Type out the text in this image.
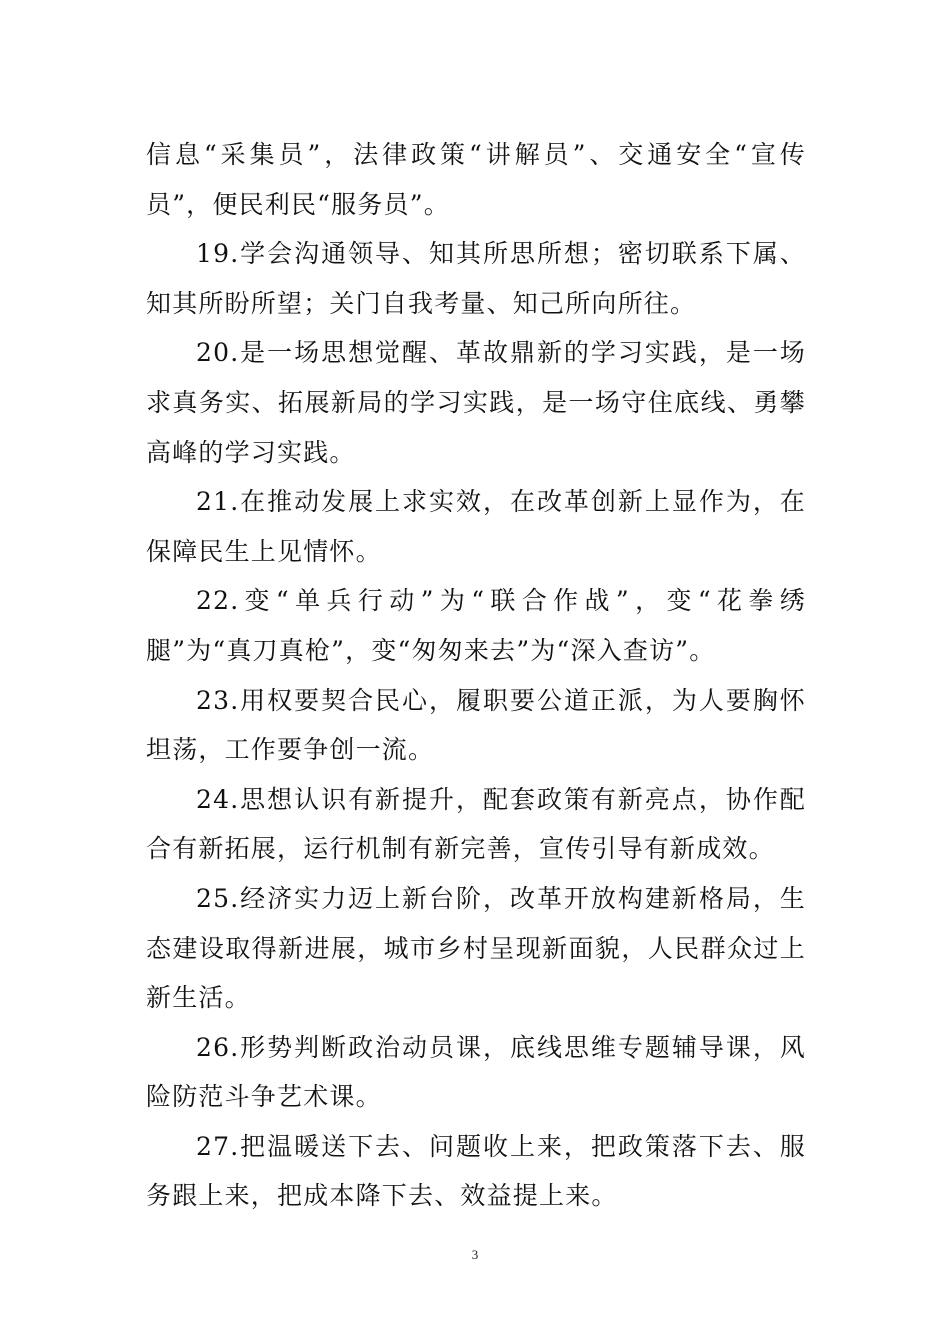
信息“采集员”，法律政策“讲解员”、交通安全“宣传员”，便民利民“服务员”。

19.学会沟通领导、知其所思所想；密切联系下属、知其所盼所望；关门自我考量、知己所向所往。

20.是一场思想觉醒、革故鼎新的学习实践，是一场求真务实、拓展新局的学习实践，是一场守住底线、勇攀高峰的学习实践。

21.在推动发展上求实效，在改革创新上显作为，在保障民生上见情怀。

22.变“单兵行动”为“联合作战”，变“花拳绣腿”为“真刀真枪”，变“匆匆来去”为“深入查访”。

23.用权要契合民心，履职要公道正派，为人要胸怀坦荡，工作要争创一流。

24.思想认识有新提升，配套政策有新亮点，协作配合有新拓展，运行机制有新完善，宣传引导有新成效。

25.经济实力迈上新台阶，改革开放构建新格局，生态建设取得新进展，城市乡村呈现新面貌，人民群众过上新生活。

26.形势判断政治动员课，底线思维专题辅导课，风险防范斗争艺术课。

27.把温暖送下去、问题收上来，把政策落下去、服务跟上来，把成本降下去、效益提上来。

3
